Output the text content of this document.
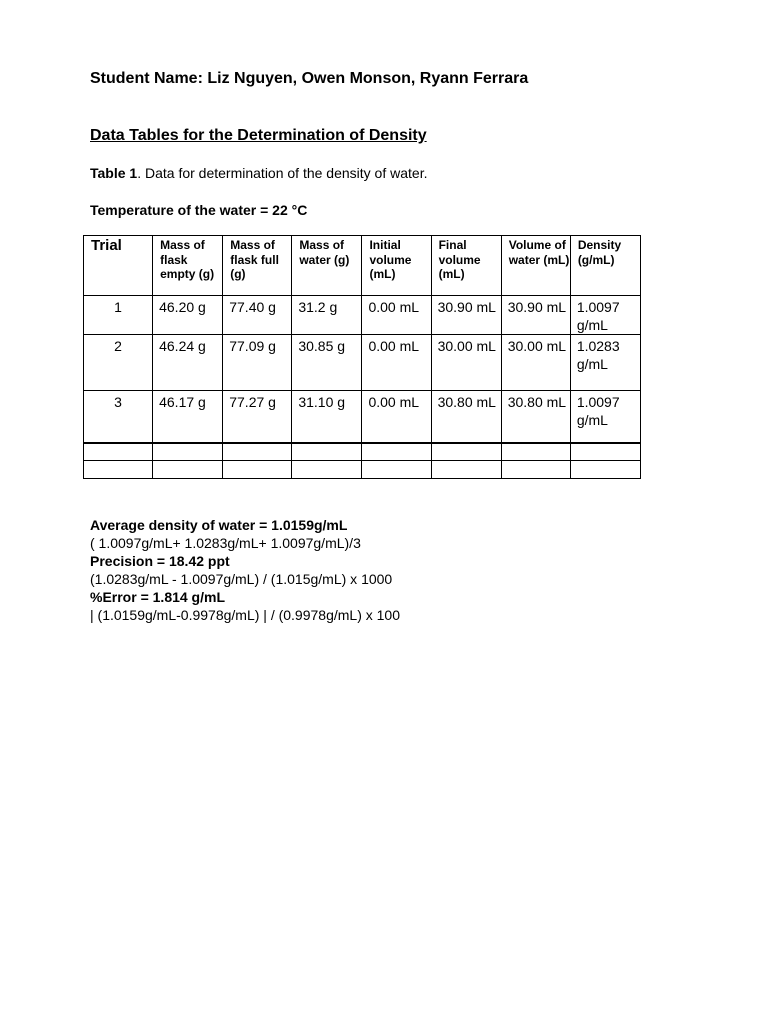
Student Name: Liz Nguyen, Owen Monson, Ryann Ferrara
Data Tables for the Determination of Density
Table 1. Data for determination of the density of water.
Temperature of the water = 22 °C
Trial	Mass of flask empty (g)	Mass of flask full (g)	Mass of water (g)	Initial volume (mL)	Final volume (mL)	Volume of water (mL)	Density (g/mL)
1	46.20 g	77.40 g	31.2 g	0.00 mL	30.90 mL	30.90 mL	1.0097 g/mL
2	46.24 g	77.09 g	30.85 g	0.00 mL	30.00 mL	30.00 mL	1.0283 g/mL
3	46.17 g	77.27 g	31.10 g	0.00 mL	30.80 mL	30.80 mL	1.0097 g/mL

Average density of water = 1.0159g/mL
( 1.0097g/mL+ 1.0283g/mL+ 1.0097g/mL)/3
Precision = 18.42 ppt
(1.0283g/mL - 1.0097g/mL) / (1.015g/mL) x 1000
%Error = 1.814 g/mL
| (1.0159g/mL-0.9978g/mL) | / (0.9978g/mL) x 100
